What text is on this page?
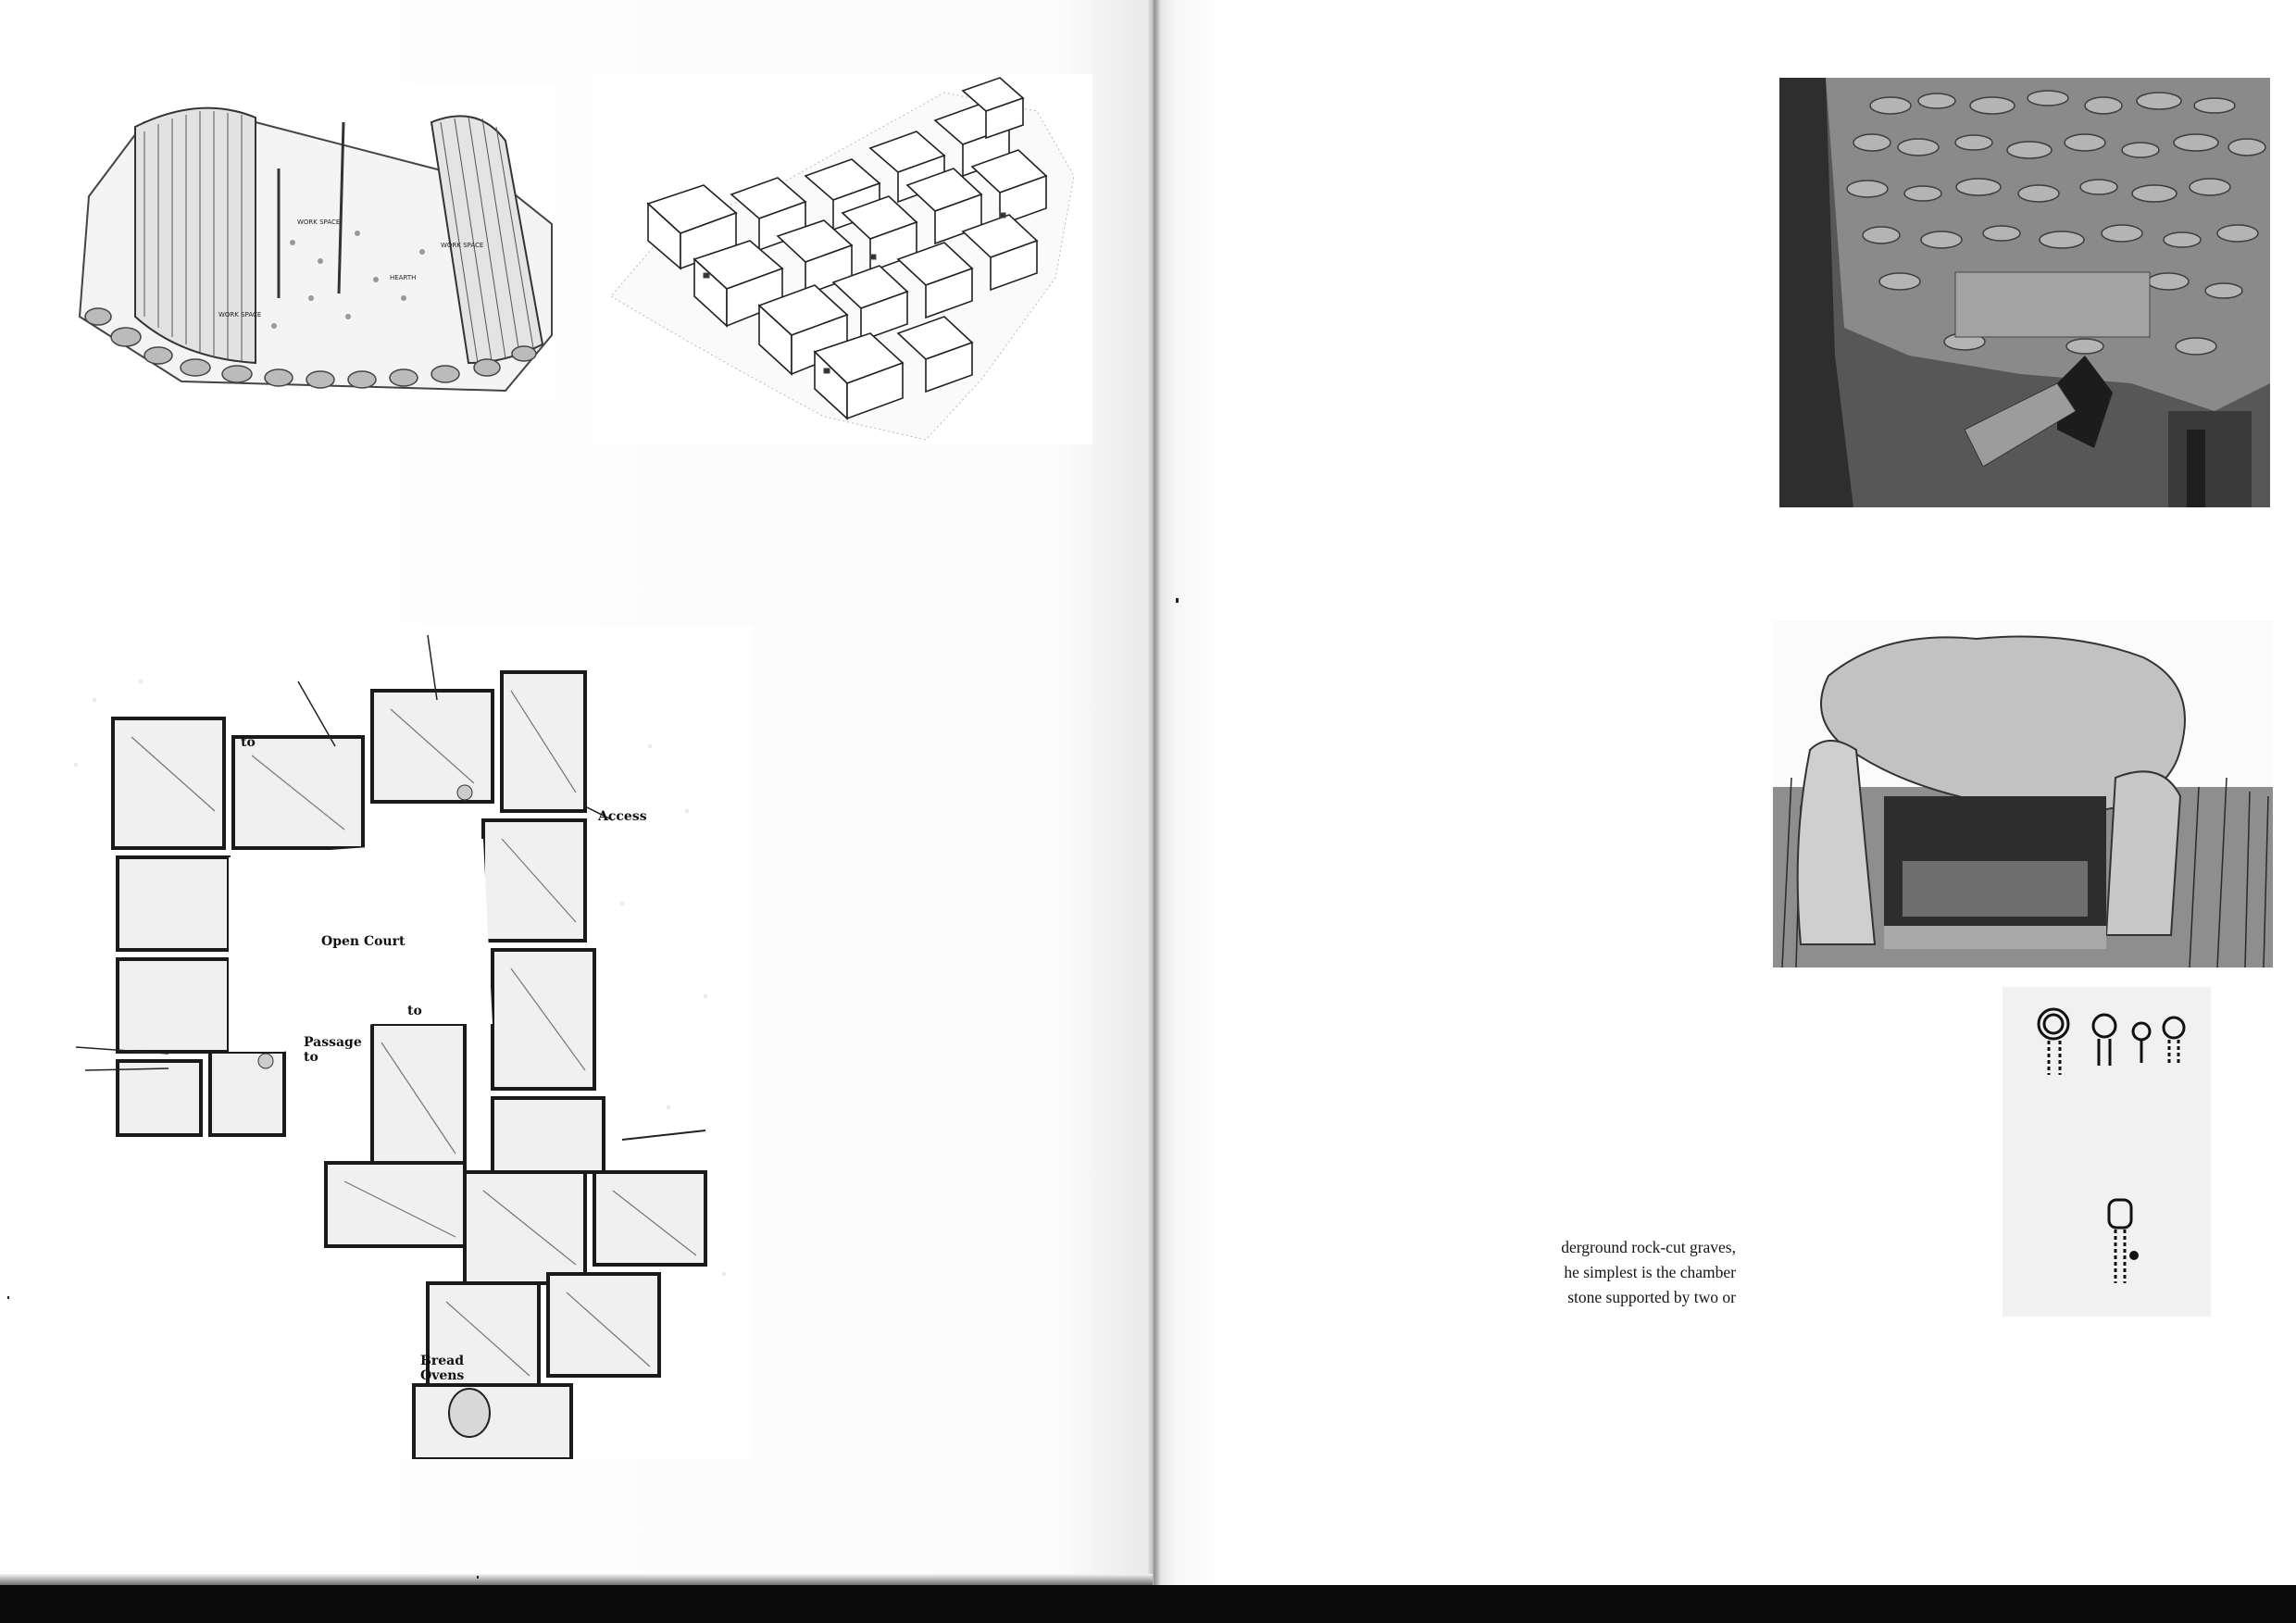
WORK SPACE
HEARTH
WORK SPACE
WORK SPACE
to
Access
Open Court
to
Passage
to
Bread
Ovens
derground rock-cut graves,
he simplest is the chamber
stone supported by two or
